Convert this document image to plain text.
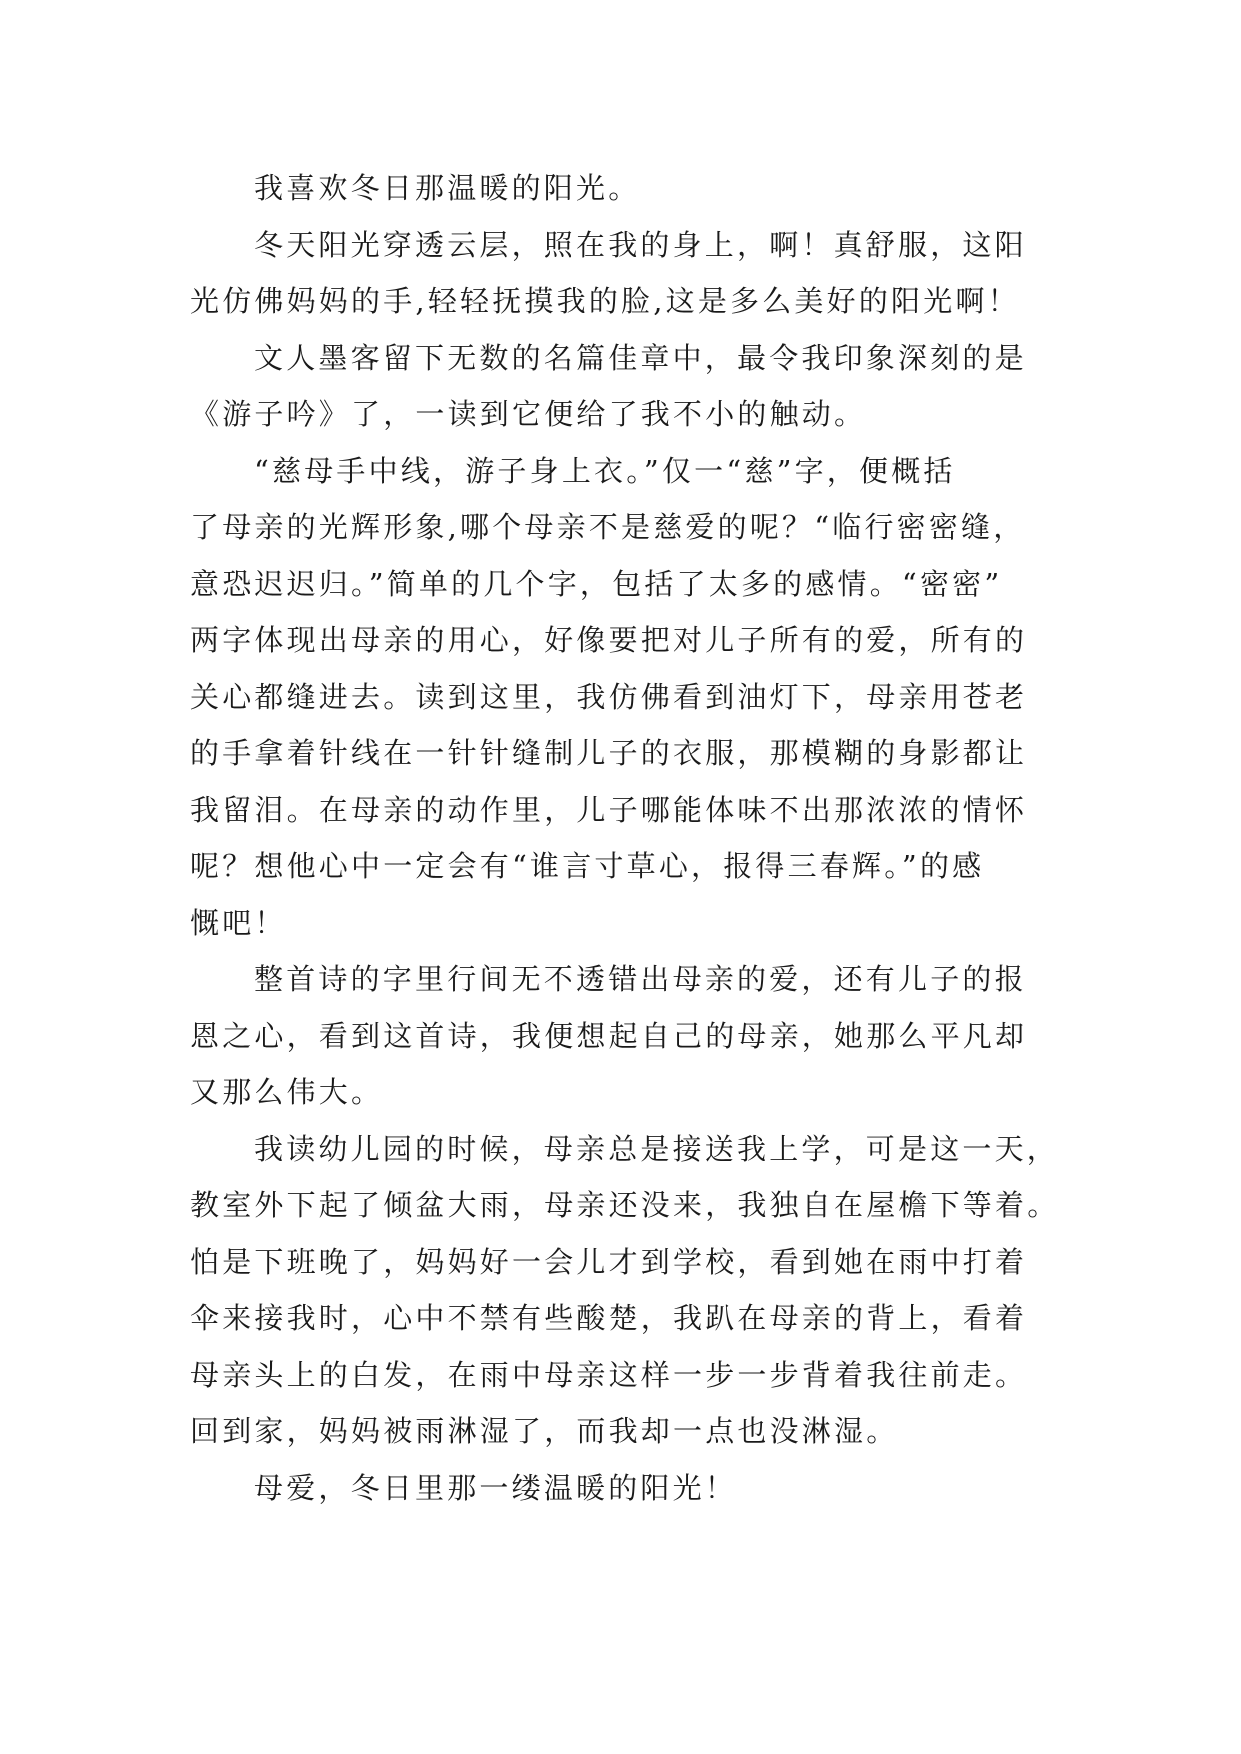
我喜欢冬日那温暖的阳光。
冬天阳光穿透云层，照在我的身上，啊！真舒服，这阳
光仿佛妈妈的手,轻轻抚摸我的脸,这是多么美好的阳光啊！
文人墨客留下无数的名篇佳章中，最令我印象深刻的是
《游子吟》了，一读到它便给了我不小的触动。
“慈母手中线，游子身上衣。”仅一“慈”字，便概括
了母亲的光辉形象,哪个母亲不是慈爱的呢？“临行密密缝，
意恐迟迟归。”简单的几个字，包括了太多的感情。“密密”
两字体现出母亲的用心，好像要把对儿子所有的爱，所有的
关心都缝进去。读到这里，我仿佛看到油灯下，母亲用苍老
的手拿着针线在一针针缝制儿子的衣服，那模糊的身影都让
我留泪。在母亲的动作里，儿子哪能体味不出那浓浓的情怀
呢？想他心中一定会有“谁言寸草心，报得三春辉。”的感
慨吧！
整首诗的字里行间无不透错出母亲的爱，还有儿子的报
恩之心，看到这首诗，我便想起自己的母亲，她那么平凡却
又那么伟大。
我读幼儿园的时候，母亲总是接送我上学，可是这一天，
教室外下起了倾盆大雨，母亲还没来，我独自在屋檐下等着。
怕是下班晚了，妈妈好一会儿才到学校，看到她在雨中打着
伞来接我时，心中不禁有些酸楚，我趴在母亲的背上，看着
母亲头上的白发，在雨中母亲这样一步一步背着我往前走。
回到家，妈妈被雨淋湿了，而我却一点也没淋湿。
母爱，冬日里那一缕温暖的阳光！
